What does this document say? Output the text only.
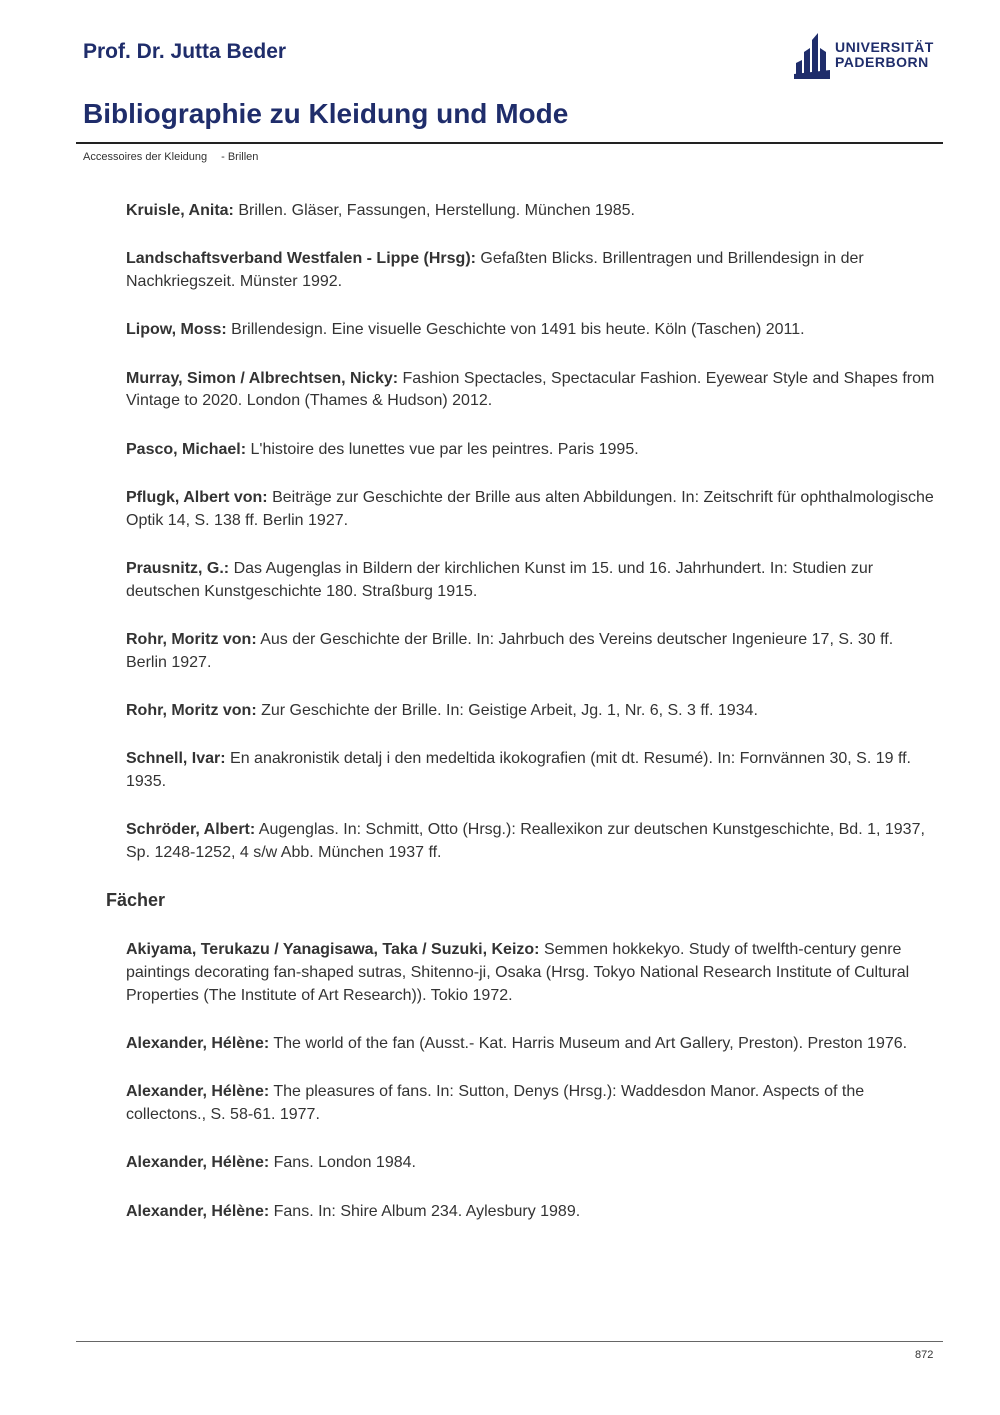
Prof. Dr. Jutta Beder	UNIVERSITÄT
PADERBORN
Bibliographie zu Kleidung und Mode
Accessoires der Kleidung - Brillen

Kruisle, Anita: Brillen. Gläser, Fassungen, Herstellung. München 1985.

Landschaftsverband Westfalen - Lippe (Hrsg): Gefaßten Blicks. Brillentragen und Brillendesign in der Nachkriegszeit. Münster 1992.

Lipow, Moss: Brillendesign. Eine visuelle Geschichte von 1491 bis heute. Köln (Taschen) 2011.

Murray, Simon / Albrechtsen, Nicky: Fashion Spectacles, Spectacular Fashion. Eyewear Style and Shapes from Vintage to 2020. London (Thames & Hudson) 2012.

Pasco, Michael: L'histoire des lunettes vue par les peintres. Paris 1995.

Pflugk, Albert von: Beiträge zur Geschichte der Brille aus alten Abbildungen. In: Zeitschrift für ophthalmologische Optik 14, S. 138 ff. Berlin 1927.

Prausnitz, G.: Das Augenglas in Bildern der kirchlichen Kunst im 15. und 16. Jahrhundert. In: Studien zur deutschen Kunstgeschichte 180. Straßburg 1915.

Rohr, Moritz von: Aus der Geschichte der Brille. In: Jahrbuch des Vereins deutscher Ingenieure 17, S. 30 ff. Berlin 1927.

Rohr, Moritz von: Zur Geschichte der Brille. In: Geistige Arbeit, Jg. 1, Nr. 6, S. 3 ff. 1934.

Schnell, Ivar: En anakronistik detalj i den medeltida ikokografien (mit dt. Resumé). In: Fornvännen 30, S. 19 ff. 1935.

Schröder, Albert: Augenglas. In: Schmitt, Otto (Hrsg.): Reallexikon zur deutschen Kunstgeschichte, Bd. 1, 1937, Sp. 1248-1252, 4 s/w Abb. München 1937 ff.

Fächer

Akiyama, Terukazu / Yanagisawa, Taka / Suzuki, Keizo: Semmen hokkekyo. Study of twelfth-century genre paintings decorating fan-shaped sutras, Shitenno-ji, Osaka (Hrsg. Tokyo National Research Institute of Cultural Properties (The Institute of Art Research)). Tokio 1972.

Alexander, Hélène: The world of the fan (Ausst.- Kat. Harris Museum and Art Gallery, Preston). Preston 1976.

Alexander, Hélène: The pleasures of fans. In: Sutton, Denys (Hrsg.): Waddesdon Manor. Aspects of the collectons., S. 58-61. 1977.

Alexander, Hélène: Fans. London 1984.

Alexander, Hélène: Fans. In: Shire Album 234. Aylesbury 1989.

872
